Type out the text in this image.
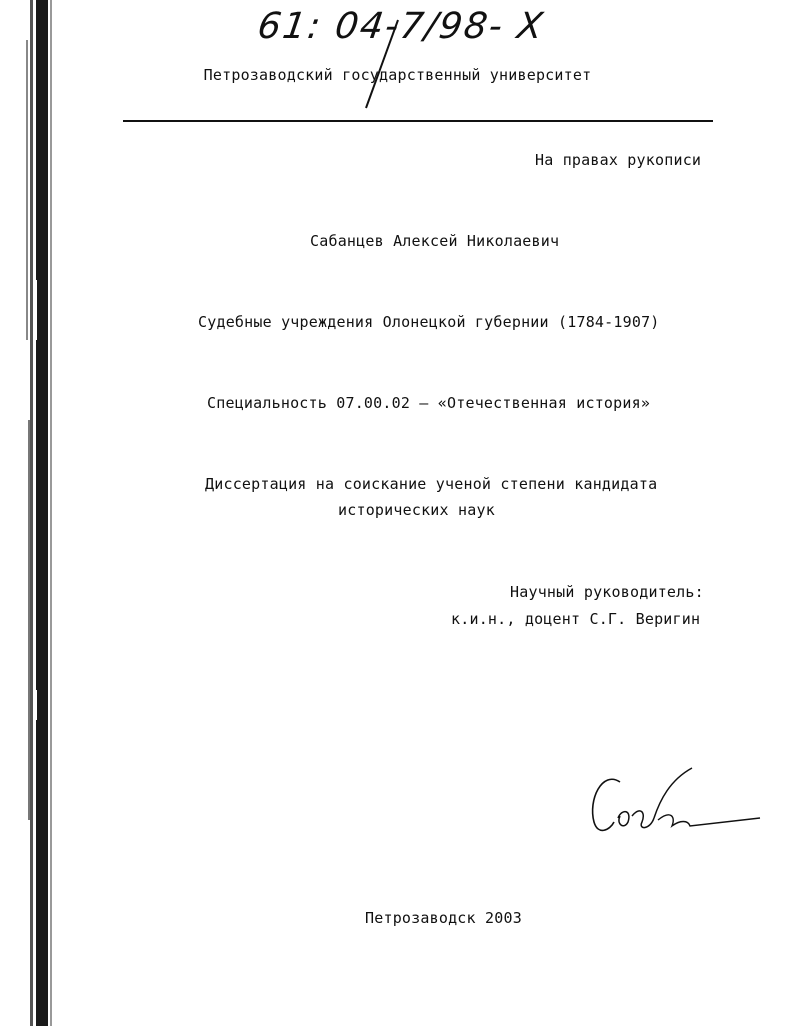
61: 04-7/98- X
Петрозаводский государственный университет
На правах рукописи
Сабанцев Алексей Николаевич
Судебные учреждения Олонецкой губернии (1784-1907)
Специальность 07.00.02 – «Отечественная история»
Диссертация на соискание ученой степени кандидата
исторических наук
Научный руководитель:
к.и.н., доцент С.Г. Веригин
Петрозаводск 2003
